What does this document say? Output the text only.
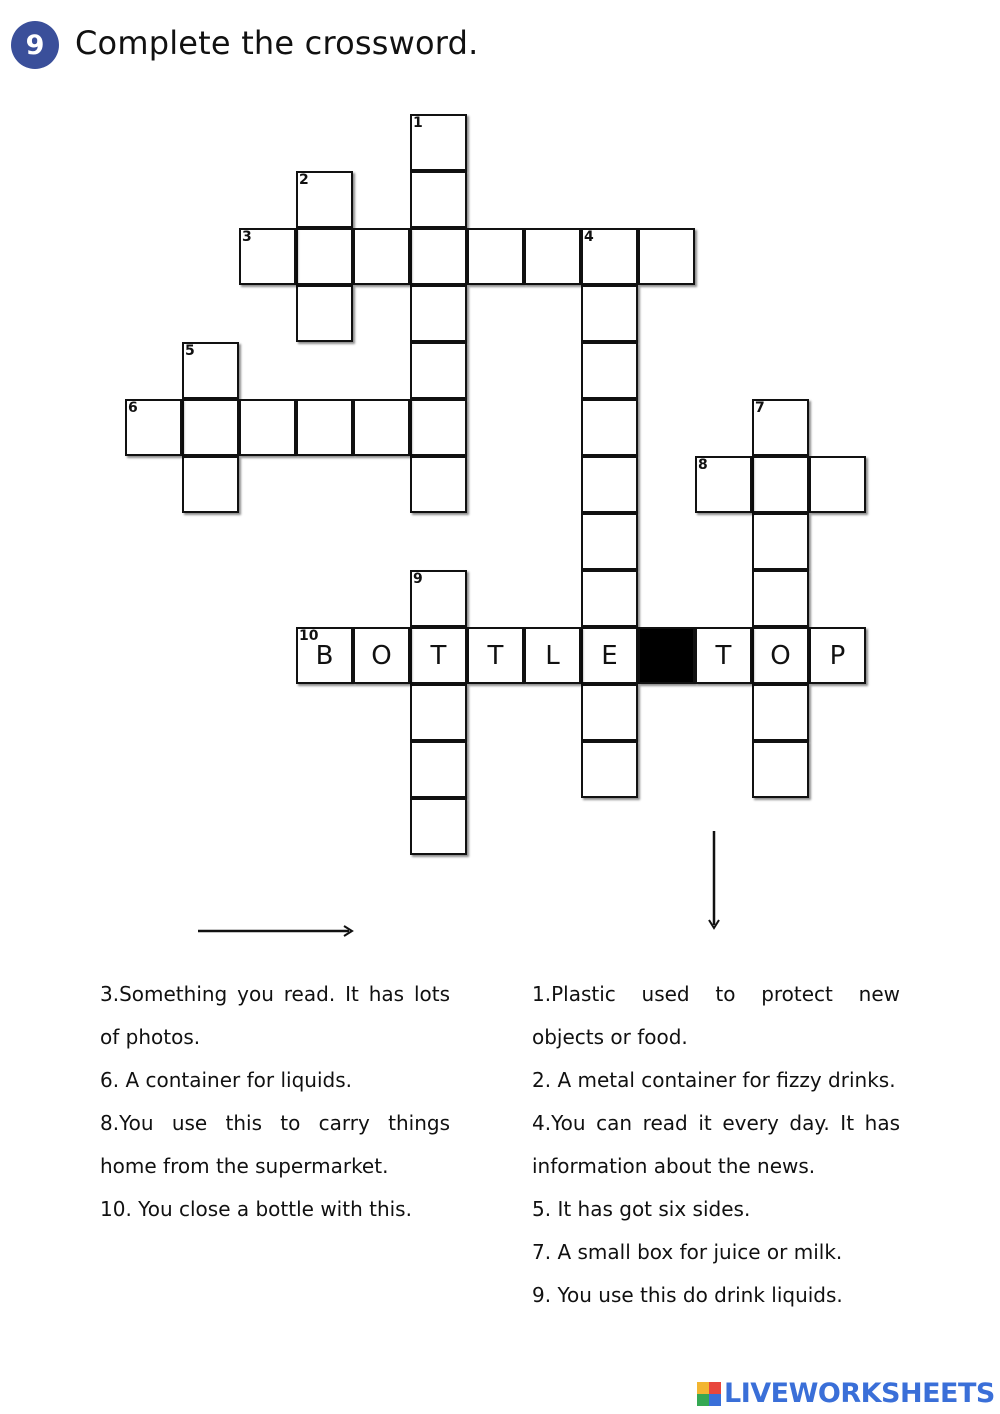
9 Complete the crossword.
1
2
3	4
E
5
6	7
O
8
9
T
10
B	O	T	L	T	P

3.Something you read. It has lots of photos.

6. A container for liquids.

8.You use this to carry things home from the supermarket.

10. You close a bottle with this.

1.Plastic used to protect new objects or food.

2. A metal container for fizzy drinks.

4.You can read it every day. It has information about the news.

5. It has got six sides.

7. A small box for juice or milk.

9. You use this do drink liquids.

LIVEWORKSHEETS
